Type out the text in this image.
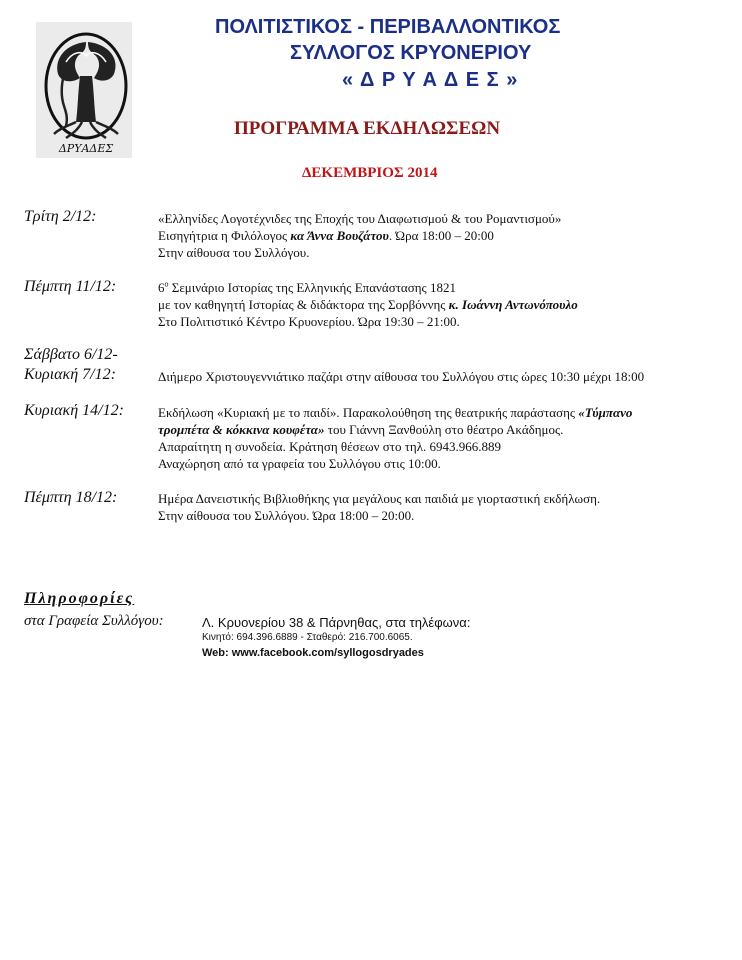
ΔΡΥΑΔΕΣ
ΠΟΛΙΤΙΣΤΙΚΟΣ - ΠΕΡΙΒΑΛΛΟΝΤΙΚΟΣ
ΣΥΛΛΟΓΟΣ ΚΡΥΟΝΕΡΙΟΥ
« Δ Ρ Υ Α Δ Ε Σ »
ΠΡΟΓΡΑΜΜΑ ΕΚΔΗΛΩΣΕΩΝ
ΔΕΚΕΜΒΡΙΟΣ 2014
Τρίτη 2/12:	«Ελληνίδες Λογοτέχνιδες της Εποχής του Διαφωτισμού & του Ρομαντισμού»
Εισηγήτρια η Φιλόλογος κα Άννα Βουζάτου. Ώρα 18:00 – 20:00
Στην αίθουσα του Συλλόγου.
Πέμπτη 11/12:	$6^o$ Σεμινάριο Ιστορίας της Ελληνικής Επανάστασης 1821
με τον καθηγητή Ιστορίας & διδάκτορα της Σορβόννης κ. Ιωάννη Αντωνόπουλο
Στο Πολιτιστικό Κέντρο Κρυονερίου. Ώρα 19:30 – 21:00.
Σάββατο 6/12-
Κυριακή 7/12:	Διήμερο Χριστουγεννιάτικο παζάρι στην αίθουσα του Συλλόγου στις ώρες 10:30 μέχρι 18:00
Κυριακή 14/12:	Εκδήλωση «Κυριακή με το παιδί». Παρακολούθηση της θεατρικής παράστασης «Τύμπανο
τρομπέτα & κόκκινα κουφέτα» του Γιάννη Ξανθούλη στο θέατρο Ακάδημος.
Απαραίτητη η συνοδεία. Κράτηση θέσεων στο τηλ. 6943.966.889
Αναχώρηση από τα γραφεία του Συλλόγου στις 10:00.
Πέμπτη 18/12:	Ημέρα Δανειστικής Βιβλιοθήκης για μεγάλους και παιδιά με γιορταστική εκδήλωση.
Στην αίθουσα του Συλλόγου. Ώρα 18:00 – 20:00.
Πληροφορίες
στα Γραφεία Συλλόγου:	Λ. Κρυονερίου 38 & Πάρνηθας, στα τηλέφωνα:
Κινητό: 694.396.6889 - Σταθερό: 216.700.6065.
Web: www.facebook.com/syllogosdryades
